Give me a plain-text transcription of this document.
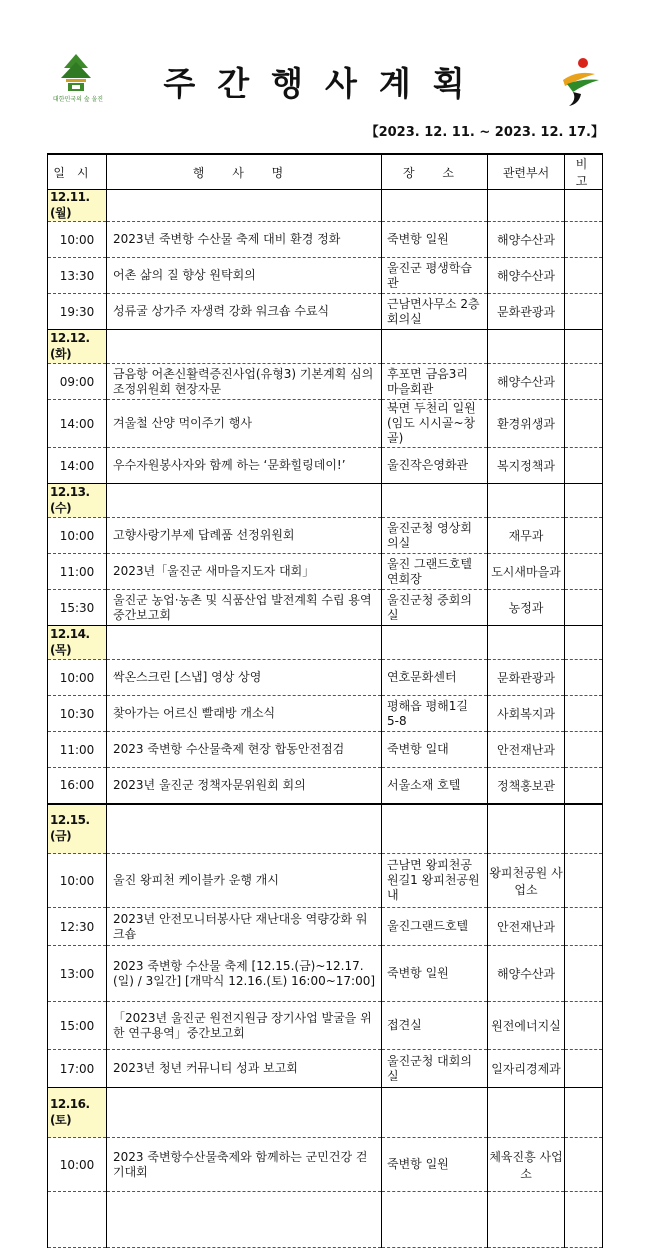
대한민국의 숲 울진	주간행사계획
【2023. 12. 11. ~ 2023. 12. 17.】
일시	행 사 명	장 소	관련부서	비고
12.11.(월)				
10:00	2023년 죽변항 수산물 축제 대비 환경 정화	죽변항 일원	해양수산과	
13:30	어촌 삶의 질 향상 원탁회의	울진군 평생학습관	해양수산과	
19:30	성류굴 상가주 자생력 강화 워크숍 수료식	근남면사무소 2층 회의실	문화관광과	
12.12.(화)				
09:00	금음항 어촌신활력증진사업(유형3) 기본계획 심의조정위원회 현장자문	후포면 금음3리 마을회관	해양수산과	
14:00	겨울철 산양 먹이주기 행사	북면 두천리 일원(임도 시시골~창골)	환경위생과	
14:00	우수자원봉사자와 함께 하는 ‘문화힐링데이!’	울진작은영화관	복지정책과	
12.13.(수)				
10:00	고향사랑기부제 답례품 선정위원회	울진군청 영상회의실	재무과	
11:00	2023년「울진군 새마을지도자 대회」	울진 그랜드호텔 연회장	도시새마을과	
15:30	울진군 농업·농촌 및 식품산업 발전계획 수립 용역 중간보고회	울진군청 중회의실	농정과	
12.14.(목)				
10:00	싹온스크린 [스냅] 영상 상영	연호문화센터	문화관광과	
10:30	찾아가는 어르신 빨래방 개소식	평해읍 평해1길 5-8	사회복지과	
11:00	2023 죽변항 수산물축제 현장 합동안전점검	죽변항 일대	안전재난과	
16:00	2023년 울진군 정책자문위원회 회의	서울소재 호텔	정책홍보관	
12.15.(금)				
10:00	울진 왕피천 케이블카 운행 개시	근남면 왕피천공원길1 왕피천공원 내	왕피천공원 사업소	
12:30	2023년 안전모니터봉사단 재난대응 역량강화 워크숍	울진그랜드호텔	안전재난과	
13:00	2023 죽변항 수산물 축제 [12.15.(금)~12.17.(일) / 3일간] [개막식 12.16.(토) 16:00~17:00]	죽변항 일원	해양수산과	
15:00	「2023년 울진군 원전지원금 장기사업 발굴을 위한 연구용역」중간보고회	접견실	원전에너지실	
17:00	2023년 청년 커뮤니티 성과 보고회	울진군청 대회의실	일자리경제과	
12.16.(토)				
10:00	2023 죽변항수산물축제와 함께하는 군민건강 걷기대회	죽변항 일원	체육진흥 사업소	
